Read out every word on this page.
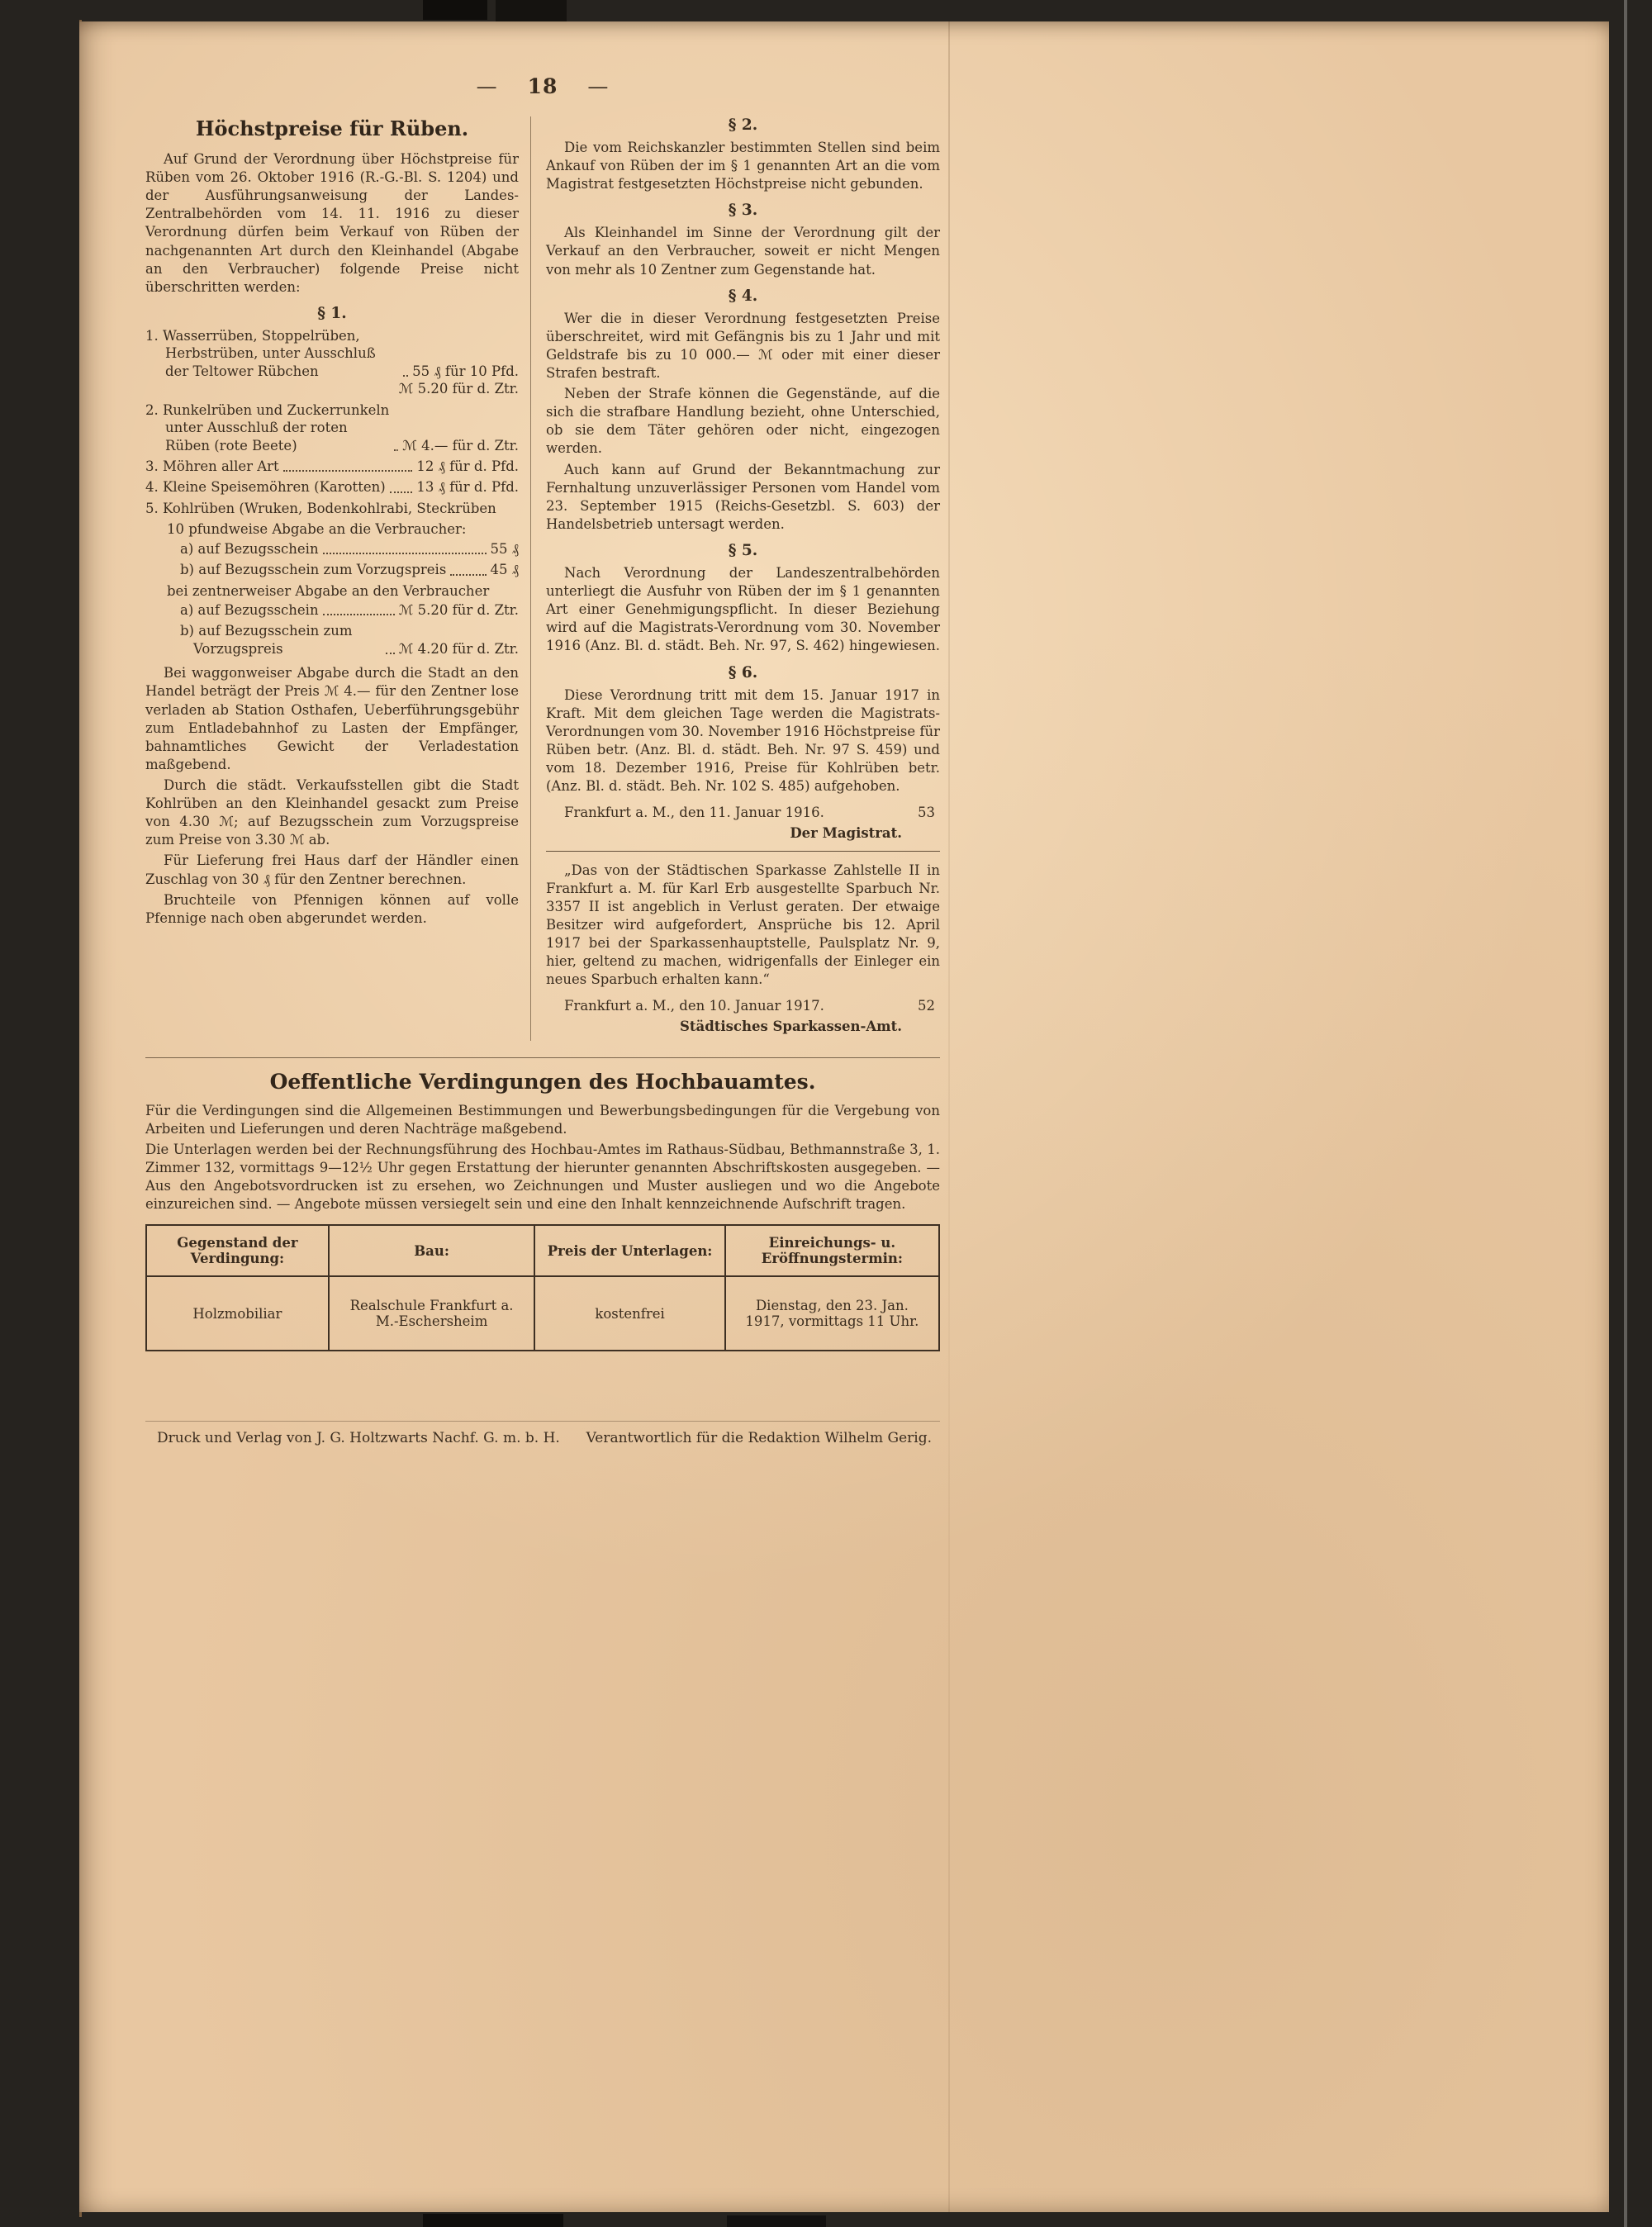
— 18 —
Höchstpreise für Rüben.

Auf Grund der Verordnung über Höchstpreise für Rüben vom 26. Oktober 1916 (R.-G.-Bl. S. 1204) und der Ausführungsanweisung der Landes-Zentralbehörden vom 14. 11. 1916 zu dieser Verordnung dürfen beim Verkauf von Rüben der nachgenannten Art durch den Kleinhandel (Abgabe an den Verbraucher) folgende Preise nicht überschritten werden:

§ 1.
1. Wasserrüben, Stoppelrüben, Herbstrüben, unter Ausschluß der Teltower Rübchen	55 ₰ für 10 Pfd.
ℳ 5.20 für d. Ztr.
2. Runkelrüben und Zuckerrunkeln unter Ausschluß der roten Rüben (rote Beete)	ℳ 4.— für d. Ztr.
3. Möhren aller Art	12 ₰ für d. Pfd.
4. Kleine Speisemöhren (Karotten) 13 ₰ für d. Pfd.
5. Kohlrüben (Wruken, Bodenkohlrabi, Steckrüben
10 pfundweise Abgabe an die Verbraucher:
a) auf Bezugsschein	55 ₰
b) auf Bezugsschein zum Vorzugspreis	45 ₰
bei zentnerweiser Abgabe an den Verbraucher
a) auf Bezugsschein	ℳ 5.20 für d. Ztr.
b) auf Bezugsschein zum Vorzugspreis	ℳ 4.20 für d. Ztr.

Bei waggonweiser Abgabe durch die Stadt an den Handel beträgt der Preis ℳ 4.— für den Zentner lose verladen ab Station Osthafen, Ueberführungsgebühr zum Entladebahnhof zu Lasten der Empfänger, bahnamtliches Gewicht der Verladestation maßgebend.

Durch die städt. Verkaufsstellen gibt die Stadt Kohlrüben an den Kleinhandel gesackt zum Preise von 4.30 ℳ; auf Bezugsschein zum Vorzugspreise zum Preise von 3.30 ℳ ab.

Für Lieferung frei Haus darf der Händler einen Zuschlag von 30 ₰ für den Zentner berechnen.

Bruchteile von Pfennigen können auf volle Pfennige nach oben abgerundet werden.

§ 2.

Die vom Reichskanzler bestimmten Stellen sind beim Ankauf von Rüben der im § 1 genannten Art an die vom Magistrat festgesetzten Höchstpreise nicht gebunden.

§ 3.

Als Kleinhandel im Sinne der Verordnung gilt der Verkauf an den Verbraucher, soweit er nicht Mengen von mehr als 10 Zentner zum Gegenstande hat.

§ 4.

Wer die in dieser Verordnung festgesetzten Preise überschreitet, wird mit Gefängnis bis zu 1 Jahr und mit Geldstrafe bis zu 10 000.— ℳ oder mit einer dieser Strafen bestraft.

Neben der Strafe können die Gegenstände, auf die sich die strafbare Handlung bezieht, ohne Unterschied, ob sie dem Täter gehören oder nicht, eingezogen werden.

Auch kann auf Grund der Bekanntmachung zur Fernhaltung unzuverlässiger Personen vom Handel vom 23. September 1915 (Reichs-Gesetzbl. S. 603) der Handelsbetrieb untersagt werden.

§ 5.

Nach Verordnung der Landeszentralbehörden unterliegt die Ausfuhr von Rüben der im § 1 genannten Art einer Genehmigungspflicht. In dieser Beziehung wird auf die Magistrats-Verordnung vom 30. November 1916 (Anz. Bl. d. städt. Beh. Nr. 97, S. 462) hingewiesen.

§ 6.

Diese Verordnung tritt mit dem 15. Januar 1917 in Kraft. Mit dem gleichen Tage werden die Magistrats-Verordnungen vom 30. November 1916 Höchstpreise für Rüben betr. (Anz. Bl. d. städt. Beh. Nr. 97 S. 459) und vom 18. Dezember 1916, Preise für Kohlrüben betr. (Anz. Bl. d. städt. Beh. Nr. 102 S. 485) aufgehoben.

Frankfurt a. M., den 11. Januar 1916.	53
Der Magistrat.

„Das von der Städtischen Sparkasse Zahlstelle II in Frankfurt a. M. für Karl Erb ausgestellte Sparbuch Nr. 3357 II ist angeblich in Verlust geraten. Der etwaige Besitzer wird aufgefordert, Ansprüche bis 12. April 1917 bei der Sparkassenhauptstelle, Paulsplatz Nr. 9, hier, geltend zu machen, widrigenfalls der Einleger ein neues Sparbuch erhalten kann.“

Frankfurt a. M., den 10. Januar 1917.	52
Städtisches Sparkassen-Amt.
Oeffentliche Verdingungen des Hochbauamtes.

Für die Verdingungen sind die Allgemeinen Bestimmungen und Bewerbungsbedingungen für die Vergebung von Arbeiten und Lieferungen und deren Nachträge maßgebend.

Die Unterlagen werden bei der Rechnungsführung des Hochbau-Amtes im Rathaus-Südbau, Bethmannstraße 3, 1. Zimmer 132, vormittags 9—12½ Uhr gegen Erstattung der hierunter genannten Abschriftskosten ausgegeben. — Aus den Angebotsvordrucken ist zu ersehen, wo Zeichnungen und Muster ausliegen und wo die Angebote einzureichen sind. — Angebote müssen versiegelt sein und eine den Inhalt kennzeichnende Aufschrift tragen.

Gegenstand der Verdingung:	Bau:	Preis der Unterlagen:	Einreichungs- u. Eröffnungstermin:
Holzmobiliar	Realschule Frankfurt a. M.-Eschersheim	kostenfrei	Dienstag, den 23. Jan. 1917, vormittags 11 Uhr.
Druck und Verlag von J. G. Holtzwarts Nachf. G. m. b. H. Verantwortlich für die Redaktion Wilhelm Gerig.
